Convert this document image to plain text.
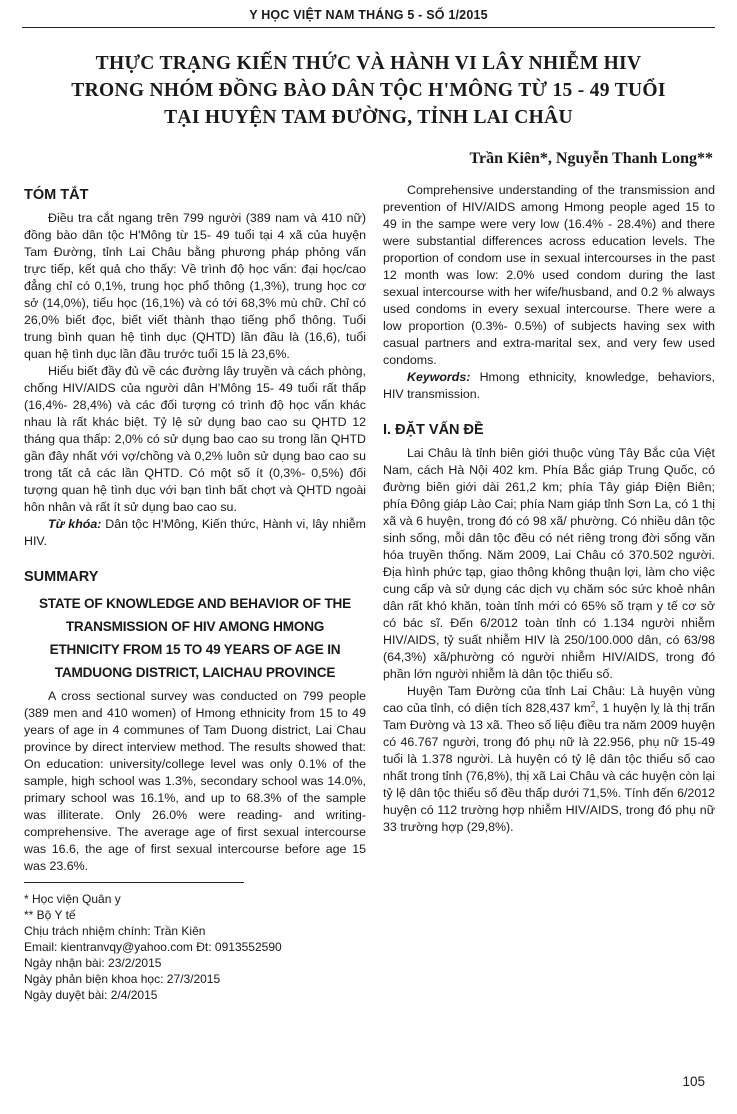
Y HỌC VIỆT NAM THÁNG 5 - SỐ 1/2015
THỰC TRẠNG KIẾN THỨC VÀ HÀNH VI LÂY NHIỄM HIV
TRONG NHÓM ĐỒNG BÀO DÂN TỘC H'MÔNG TỪ 15 - 49 TUỔI
TẠI HUYỆN TAM ĐƯỜNG, TỈNH LAI CHÂU
Trần Kiên*, Nguyễn Thanh Long**
TÓM TẮT

Điều tra cắt ngang trên 799 người (389 nam và 410 nữ) đồng bào dân tộc H'Mông từ 15- 49 tuổi tại 4 xã của huyện Tam Đường, tỉnh Lai Châu bằng phương pháp phỏng vấn trực tiếp, kết quả cho thấy: Về trình độ học vấn: đại học/cao đẳng chỉ có 0,1%, trung học phổ thông (1,3%), trung học cơ sở (14,0%), tiểu học (16,1%) và có tới 68,3% mù chữ. Chỉ có 26,0% biết đọc, biết viết thành thạo tiếng phổ thông. Tuổi trung bình quan hệ tình dục (QHTD) lần đầu là (16,6), tuổi quan hệ tình dục lần đầu trước tuổi 15 là 23,6%.

Hiểu biết đầy đủ về các đường lây truyền và cách phòng, chống HIV/AIDS của người dân H'Mông 15- 49 tuổi rất thấp (16,4%- 28,4%) và các đối tượng có trình độ học vấn khác nhau là rất khác biệt. Tỷ lệ sử dụng bao cao su QHTD 12 tháng qua thấp: 2,0% có sử dụng bao cao su trong lần QHTD gần đây nhất với vợ/chồng và 0,2% luôn sử dụng bao cao su trong tất cả các lần QHTD. Có một số ít (0,3%- 0,5%) đối tượng quan hệ tình dục với bạn tình bất chợt và QHTD ngoài hôn nhân và rất ít sử dụng bao cao su.

Từ khóa: Dân tộc H'Mông, Kiến thức, Hành vi, lây nhiễm HIV.

SUMMARY
STATE OF KNOWLEDGE AND BEHAVIOR OF THE
TRANSMISSION OF HIV AMONG HMONG
ETHNICITY FROM 15 TO 49 YEARS OF AGE IN
TAMDUONG DISTRICT, LAICHAU PROVINCE

A cross sectional survey was conducted on 799 people (389 men and 410 women) of Hmong ethnicity from 15 to 49 years of age in 4 communes of Tam Duong district, Lai Chau province by direct interview method. The results showed that: On education: university/college level was only 0.1% of the sample, high school was 1.3%, secondary school was 14.0%, primary school was 16.1%, and up to 68.3% of the sample was illiterate. Only 26.0% were reading- and writing-comprehensive. The average age of first sexual intercourse was 16.6, the age of first sexual intercourse before age 15 was 23.6%.

* Học viện Quân y
** Bộ Y tế
Chịu trách nhiệm chính: Trần Kiên
Email: kientranvqy@yahoo.com Đt: 0913552590
Ngày nhận bài: 23/2/2015
Ngày phản biện khoa học: 27/3/2015
Ngày duyệt bài: 2/4/2015

Comprehensive understanding of the transmission and prevention of HIV/AIDS among Hmong people aged 15 to 49 in the sampe were very low (16.4% - 28.4%) and there were substantial differences across education levels. The proportion of condom use in sexual intercourses in the past 12 month was low: 2.0% used condom during the last sexual intercourse with her wife/husband, and 0.2 % always used condoms in every sexual intercourse. There were a low proportion (0.3%- 0.5%) of subjects having sex with casual partners and extra-marital sex, and very few used condoms.

Keywords: Hmong ethnicity, knowledge, behaviors, HIV transmission.

I. ĐẶT VẤN ĐỀ

Lai Châu là tỉnh biên giới thuộc vùng Tây Bắc của Việt Nam, cách Hà Nội 402 km. Phía Bắc giáp Trung Quốc, có đường biên giới dài 261,2 km; phía Tây giáp Điện Biên; phía Đông giáp Lào Cai; phía Nam giáp tỉnh Sơn La, có 1 thị xã và 6 huyện, trong đó có 98 xã/ phường. Có nhiều dân tộc sinh sống, mỗi dân tộc đều có nét riêng trong đời sống văn hóa truyền thống. Năm 2009, Lai Châu có 370.502 người. Địa hình phức tạp, giao thông không thuận lợi, làm cho việc cung cấp và sử dụng các dịch vụ chăm sóc sức khoẻ nhân dân rất khó khăn, toàn tỉnh mới có 65% số trạm y tế cơ sở có bác sĩ. Đến 6/2012 toàn tỉnh có 1.134 người nhiễm HIV/AIDS, tỷ suất nhiễm HIV là 250/100.000 dân, có 63/98 (64,3%) xã/phường có người nhiễm HIV/AIDS, trong đó phần lớn người nhiễm là dân tộc thiểu số.

Huyện Tam Đường của tỉnh Lai Châu: Là huyện vùng cao của tỉnh, có diện tích 828,437 $km^2$, 1 huyện lỵ là thị trấn Tam Đường và 13 xã. Theo số liệu điều tra năm 2009 huyện có 46.767 người, trong đó phụ nữ là 22.956, phụ nữ 15-49 tuổi là 1.378 người. Là huyện có tỷ lệ dân tộc thiểu số cao nhất trong tỉnh (76,8%), thị xã Lai Châu và các huyện còn lại tỷ lệ dân tộc thiểu số đều thấp dưới 71,5%. Tính đến 6/2012 huyện có 112 trường hợp nhiễm HIV/AIDS, trong đó phụ nữ 33 trường hợp (29,8%).

105
